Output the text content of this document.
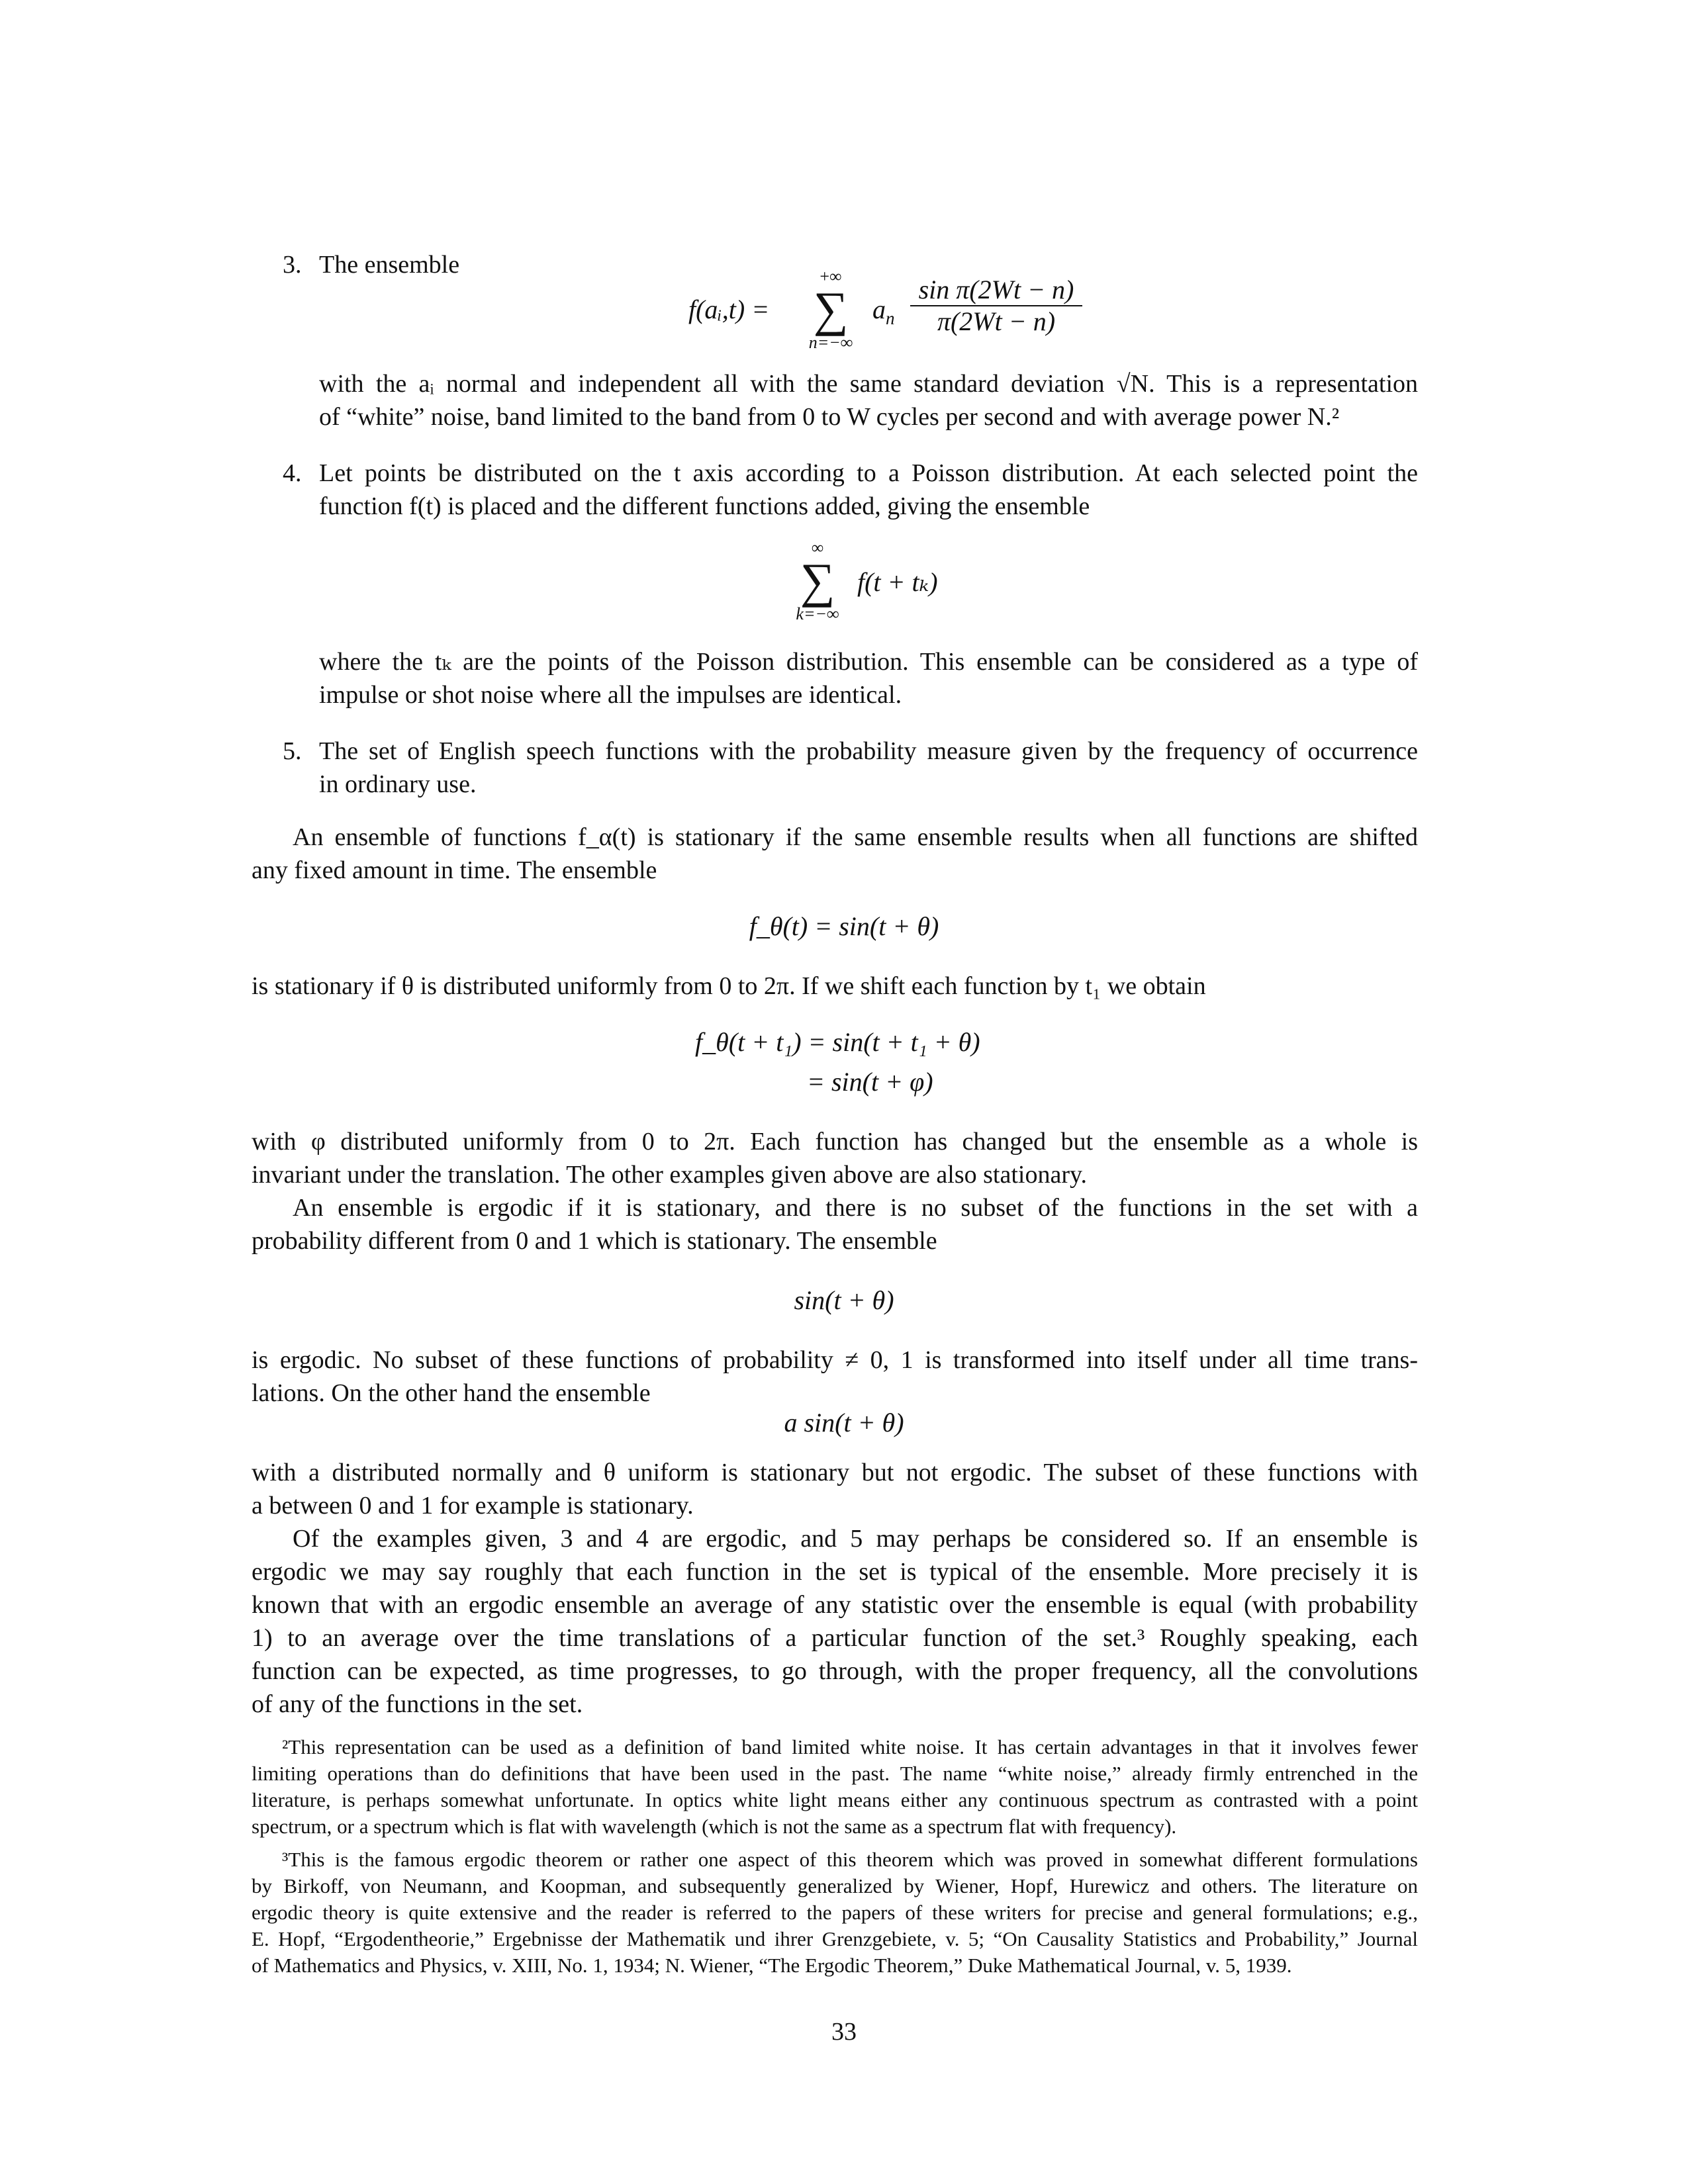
3. The ensemble
f(aᵢ,t) =
+∞
∑
n=−∞
$a_n$
sin π(2Wt − n)
π(2Wt − n)
with the aᵢ normal and independent all with the same standard deviation √N. This is a representation
of “white” noise, band limited to the band from 0 to W cycles per second and with average power N.²
4. Let points be distributed on the t axis according to a Poisson distribution. At each selected point the
function f(t) is placed and the different functions added, giving the ensemble
∞
∑
k=−∞
f(t + tₖ)
where the tₖ are the points of the Poisson distribution. This ensemble can be considered as a type of
impulse or shot noise where all the impulses are identical.
5. The set of English speech functions with the probability measure given by the frequency of occurrence
in ordinary use.
An ensemble of functions f_α(t) is stationary if the same ensemble results when all functions are shifted
any fixed amount in time. The ensemble
f_θ(t) = sin(t + θ)
is stationary if θ is distributed uniformly from 0 to 2π. If we shift each function by t₁ we obtain
f_θ(t + t₁) = sin(t + t₁ + θ)
= sin(t + φ)
with φ distributed uniformly from 0 to 2π. Each function has changed but the ensemble as a whole is
invariant under the translation. The other examples given above are also stationary.
An ensemble is ergodic if it is stationary, and there is no subset of the functions in the set with a
probability different from 0 and 1 which is stationary. The ensemble
sin(t + θ)
is ergodic. No subset of these functions of probability ≠ 0, 1 is transformed into itself under all time trans-
lations. On the other hand the ensemble
a sin(t + θ)
with a distributed normally and θ uniform is stationary but not ergodic. The subset of these functions with
a between 0 and 1 for example is stationary.
Of the examples given, 3 and 4 are ergodic, and 5 may perhaps be considered so. If an ensemble is
ergodic we may say roughly that each function in the set is typical of the ensemble. More precisely it is
known that with an ergodic ensemble an average of any statistic over the ensemble is equal (with probability
1) to an average over the time translations of a particular function of the set.³ Roughly speaking, each
function can be expected, as time progresses, to go through, with the proper frequency, all the convolutions
of any of the functions in the set.
²This representation can be used as a definition of band limited white noise. It has certain advantages in that it involves fewer
limiting operations than do definitions that have been used in the past. The name “white noise,” already firmly entrenched in the
literature, is perhaps somewhat unfortunate. In optics white light means either any continuous spectrum as contrasted with a point
spectrum, or a spectrum which is flat with wavelength (which is not the same as a spectrum flat with frequency).
³This is the famous ergodic theorem or rather one aspect of this theorem which was proved in somewhat different formulations
by Birkoff, von Neumann, and Koopman, and subsequently generalized by Wiener, Hopf, Hurewicz and others. The literature on
ergodic theory is quite extensive and the reader is referred to the papers of these writers for precise and general formulations; e.g.,
E. Hopf, “Ergodentheorie,” Ergebnisse der Mathematik und ihrer Grenzgebiete, v. 5; “On Causality Statistics and Probability,” Journal
of Mathematics and Physics, v. XIII, No. 1, 1934; N. Wiener, “The Ergodic Theorem,” Duke Mathematical Journal, v. 5, 1939.
33
